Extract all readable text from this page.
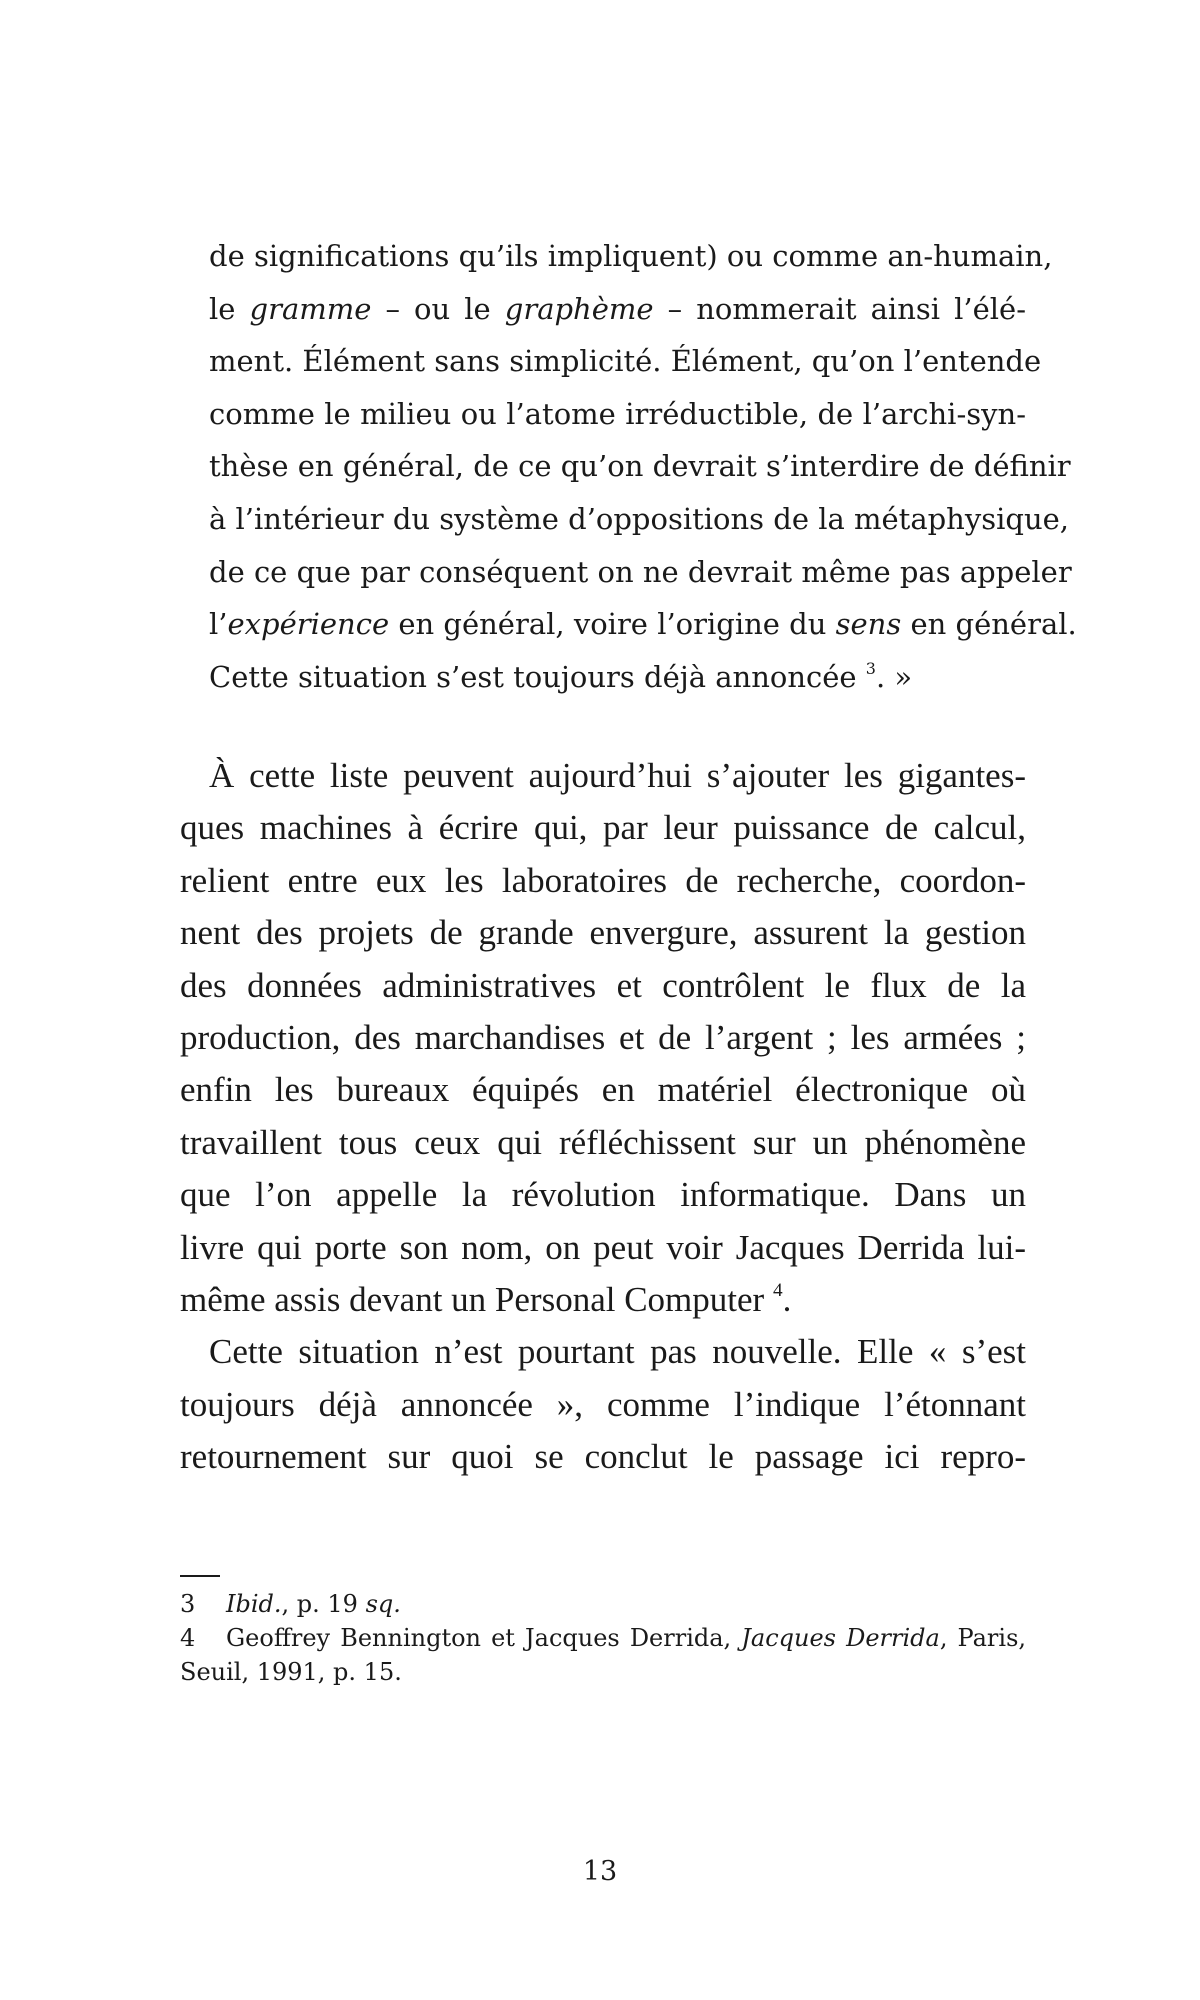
de significations qu’ils impliquent) ou comme an-humain,
le gramme – ou le graphème – nommerait ainsi l’élé-
ment. Élément sans simplicité. Élément, qu’on l’entende
comme le milieu ou l’atome irréductible, de l’archi-syn-
thèse en général, de ce qu’on devrait s’interdire de définir
à l’intérieur du système d’oppositions de la métaphysique,
de ce que par conséquent on ne devrait même pas appeler
l’expérience en général, voire l’origine du sens en général.
Cette situation s’est toujours déjà annoncée $^3$. »
À cette liste peuvent aujourd’hui s’ajouter les gigantes-
ques machines à écrire qui, par leur puissance de calcul,
relient entre eux les laboratoires de recherche, coordon-
nent des projets de grande envergure, assurent la gestion
des données administratives et contrôlent le flux de la
production, des marchandises et de l’argent ; les armées ;
enfin les bureaux équipés en matériel électronique où
travaillent tous ceux qui réfléchissent sur un phénomène
que l’on appelle la révolution informatique. Dans un
livre qui porte son nom, on peut voir Jacques Derrida lui-
même assis devant un Personal Computer $^4$.
Cette situation n’est pourtant pas nouvelle. Elle « s’est
toujours déjà annoncée », comme l’indique l’étonnant
retournement sur quoi se conclut le passage ici repro-
3 Ibid., p. 19 sq.
4 Geoffrey Bennington et Jacques Derrida, Jacques Derrida, Paris,
Seuil, 1991, p. 15.
13
